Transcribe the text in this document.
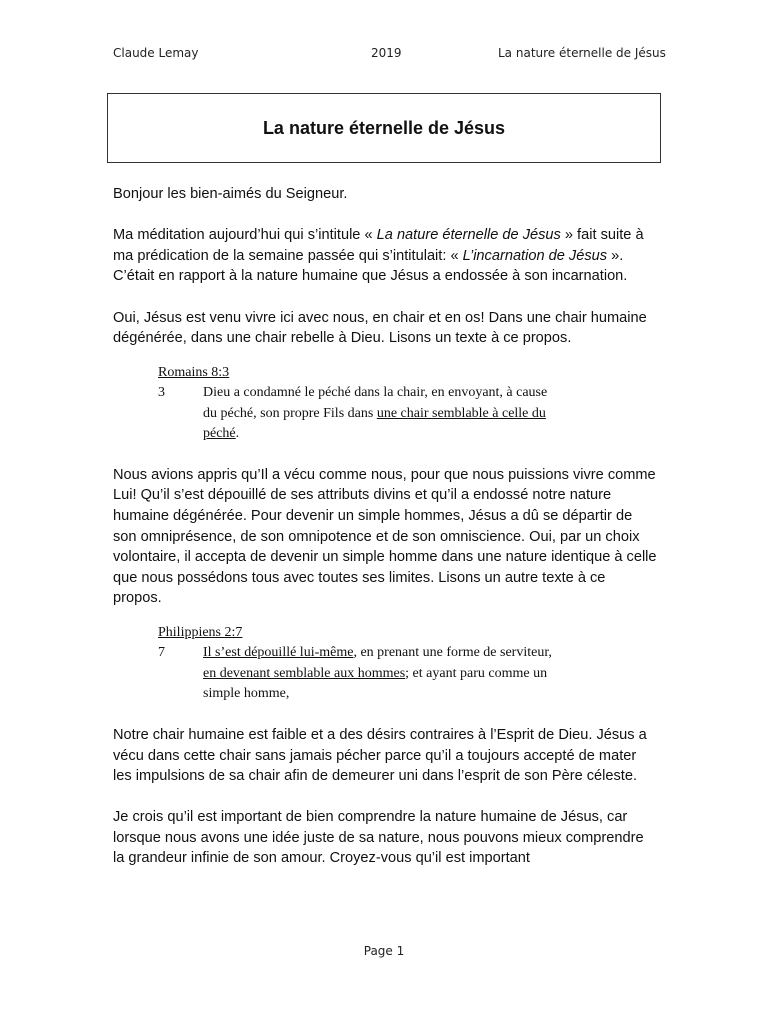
Claude Lemay	2019	La nature éternelle de Jésus
La nature éternelle de Jésus

Bonjour les bien-aimés du Seigneur.

Ma méditation aujourd’hui qui s’intitule « La nature éternelle de Jésus » fait suite à ma prédication de la semaine passée qui s’intitulait: « L’incarnation de Jésus ». C’était en rapport à la nature humaine que Jésus a endossée à son incarnation.

Oui, Jésus est venu vivre ici avec nous, en chair et en os! Dans une chair humaine dégénérée, dans une chair rebelle à Dieu. Lisons un texte à ce propos.

Romains 8:3
3	Dieu a condamné le péché dans la chair, en envoyant, à cause du péché, son propre Fils dans une chair semblable à celle du péché.

Nous avions appris qu’Il a vécu comme nous, pour que nous puissions vivre comme Lui! Qu’il s’est dépouillé de ses attributs divins et qu’il a endossé notre nature humaine dégénérée. Pour devenir un simple hommes, Jésus a dû se départir de son omniprésence, de son omnipotence et de son omniscience. Oui, par un choix volontaire, il accepta de devenir un simple homme dans une nature identique à celle que nous possédons tous avec toutes ses limites. Lisons un autre texte à ce propos.

Philippiens 2:7
7	Il s’est dépouillé lui-même, en prenant une forme de serviteur, en devenant semblable aux hommes; et ayant paru comme un simple homme,

Notre chair humaine est faible et a des désirs contraires à l’Esprit de Dieu. Jésus a vécu dans cette chair sans jamais pécher parce qu’il a toujours accepté de mater les impulsions de sa chair afin de demeurer uni dans l’esprit de son Père céleste.

Je crois qu’il est important de bien comprendre la nature humaine de Jésus, car lorsque nous avons une idée juste de sa nature, nous pouvons mieux comprendre la grandeur infinie de son amour. Croyez-vous qu’il est important

Page 1
